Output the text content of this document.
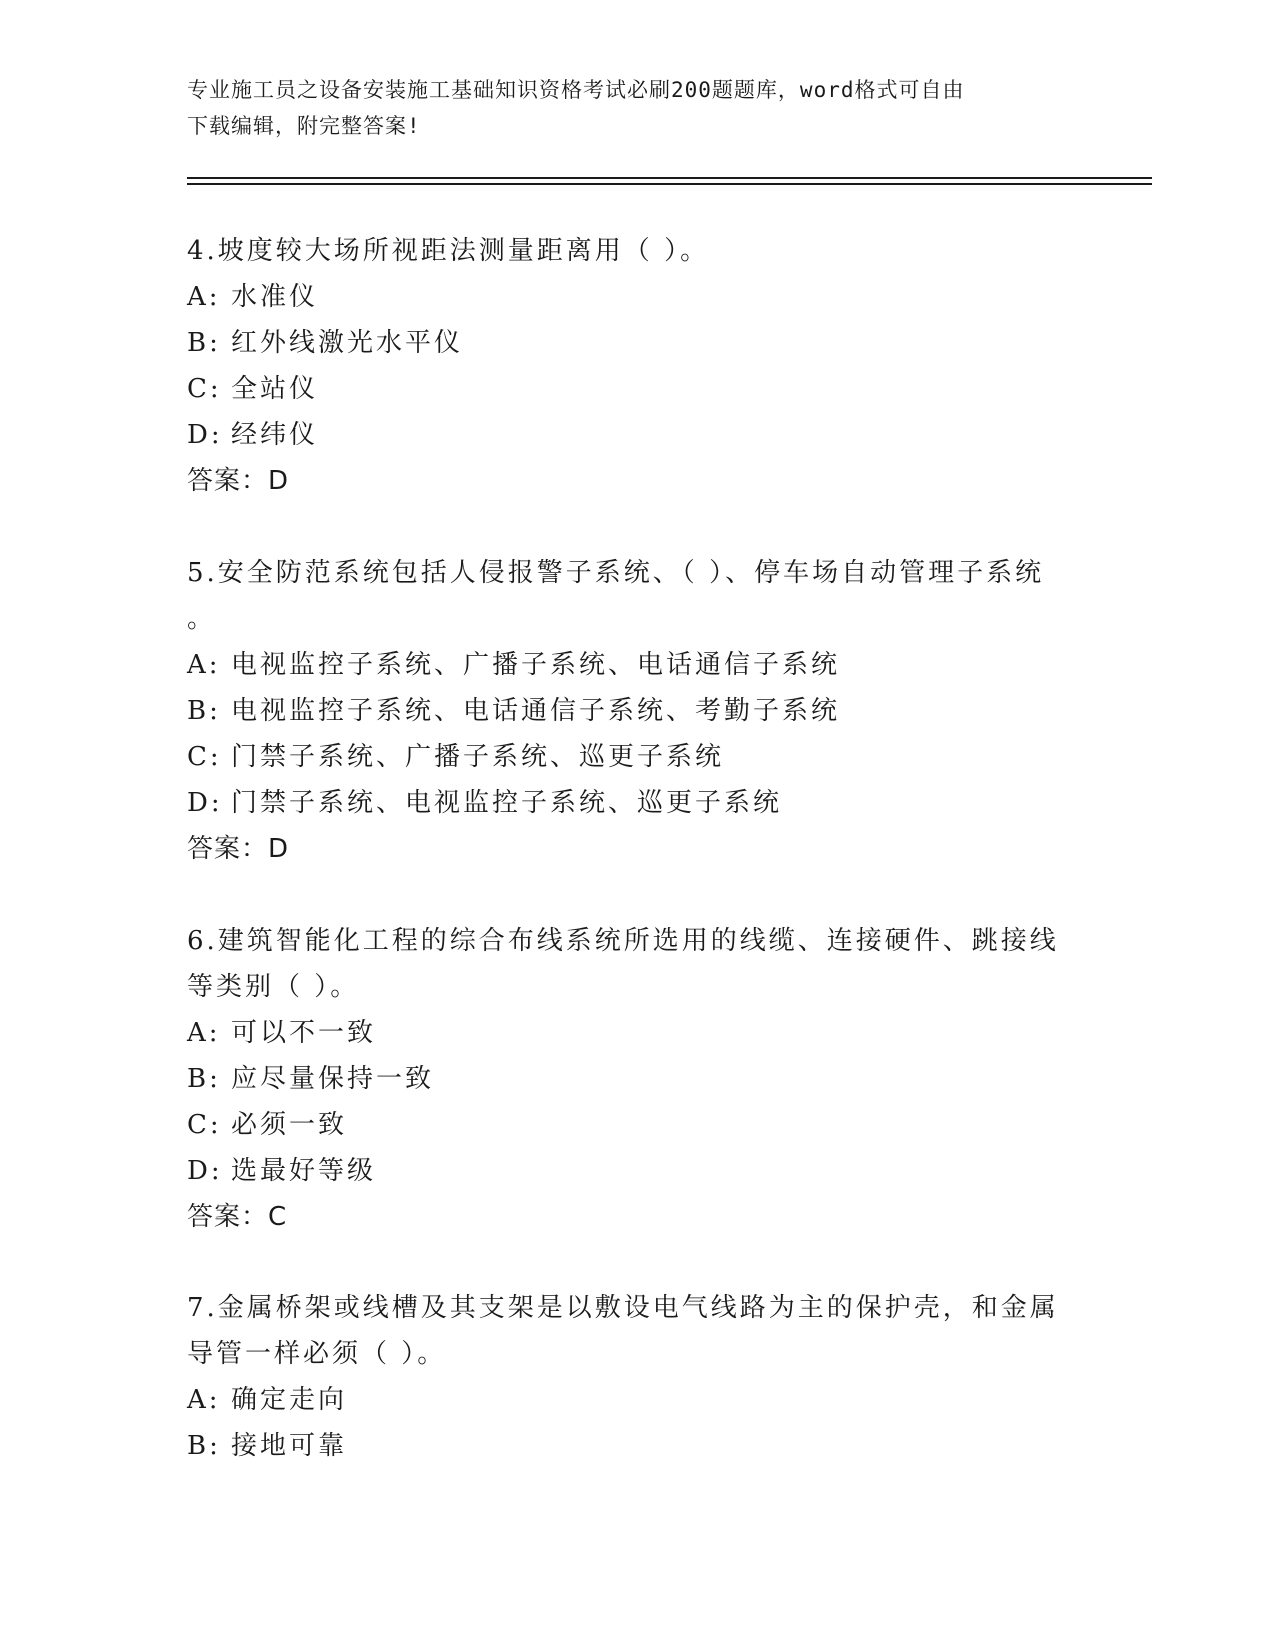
专业施工员之设备安装施工基础知识资格考试必刷200题题库，word格式可自由
下载编辑，附完整答案!
4.坡度较大场所视距法测量距离用（ ）。
A: 水准仪
B: 红外线激光水平仪
C: 全站仪
D: 经纬仪
答案：D
5.安全防范系统包括人侵报警子系统、（ ）、停车场自动管理子系统
。
A: 电视监控子系统、广播子系统、电话通信子系统
B: 电视监控子系统、电话通信子系统、考勤子系统
C: 门禁子系统、广播子系统、巡更子系统
D: 门禁子系统、电视监控子系统、巡更子系统
答案：D
6.建筑智能化工程的综合布线系统所选用的线缆、连接硬件、跳接线
等类别（ ）。
A: 可以不一致
B: 应尽量保持一致
C: 必须一致
D: 选最好等级
答案：C
7.金属桥架或线槽及其支架是以敷设电气线路为主的保护壳，和金属
导管一样必须（ ）。
A: 确定走向
B: 接地可靠
